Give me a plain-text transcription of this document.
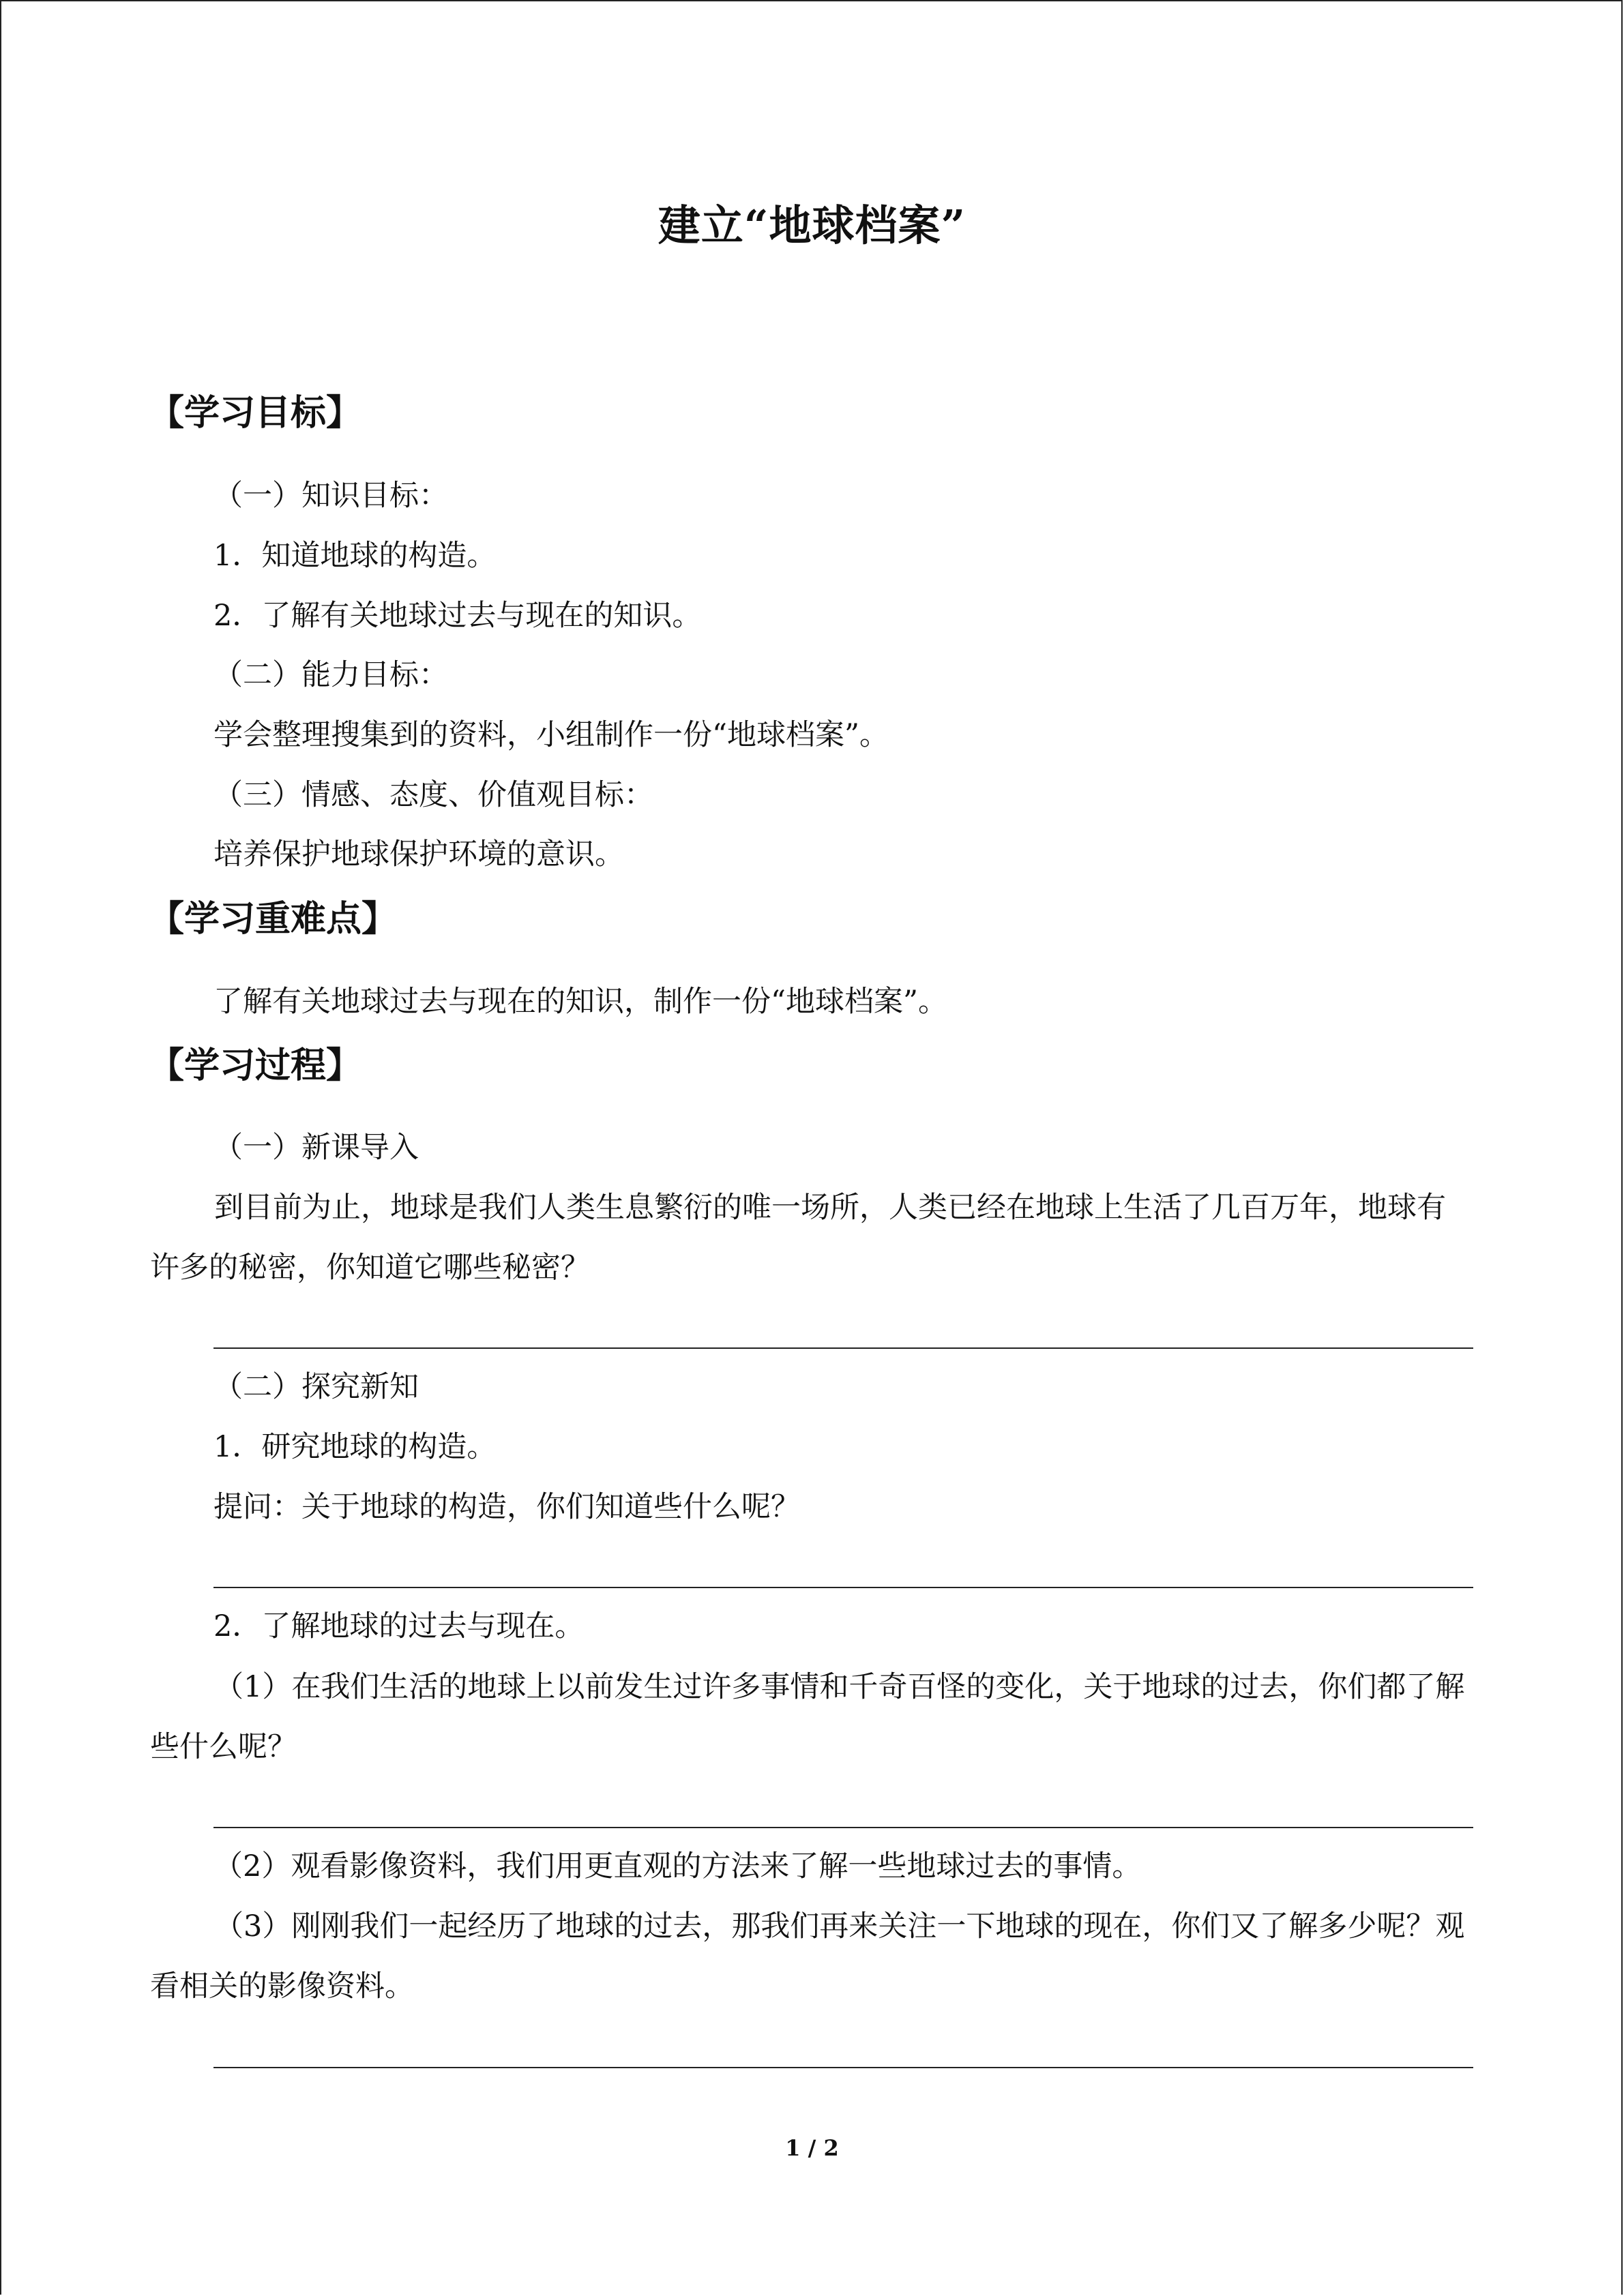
建立“地球档案”
【学习目标】
（一）知识目标：
1．知道地球的构造。
2．了解有关地球过去与现在的知识。
（二）能力目标：
学会整理搜集到的资料，小组制作一份“地球档案”。
（三）情感、态度、价值观目标：
培养保护地球保护环境的意识。
【学习重难点】
了解有关地球过去与现在的知识，制作一份“地球档案”。
【学习过程】
（一）新课导入
到目前为止，地球是我们人类生息繁衍的唯一场所，人类已经在地球上生活了几百万年，地球有许多的秘密，你知道它哪些秘密？
（二）探究新知
1．研究地球的构造。
提问：关于地球的构造，你们知道些什么呢？
2．了解地球的过去与现在。
（1）在我们生活的地球上以前发生过许多事情和千奇百怪的变化，关于地球的过去，你们都了解些什么呢？
（2）观看影像资料，我们用更直观的方法来了解一些地球过去的事情。
（3）刚刚我们一起经历了地球的过去，那我们再来关注一下地球的现在，你们又了解多少呢？观看相关的影像资料。
1 / 2
